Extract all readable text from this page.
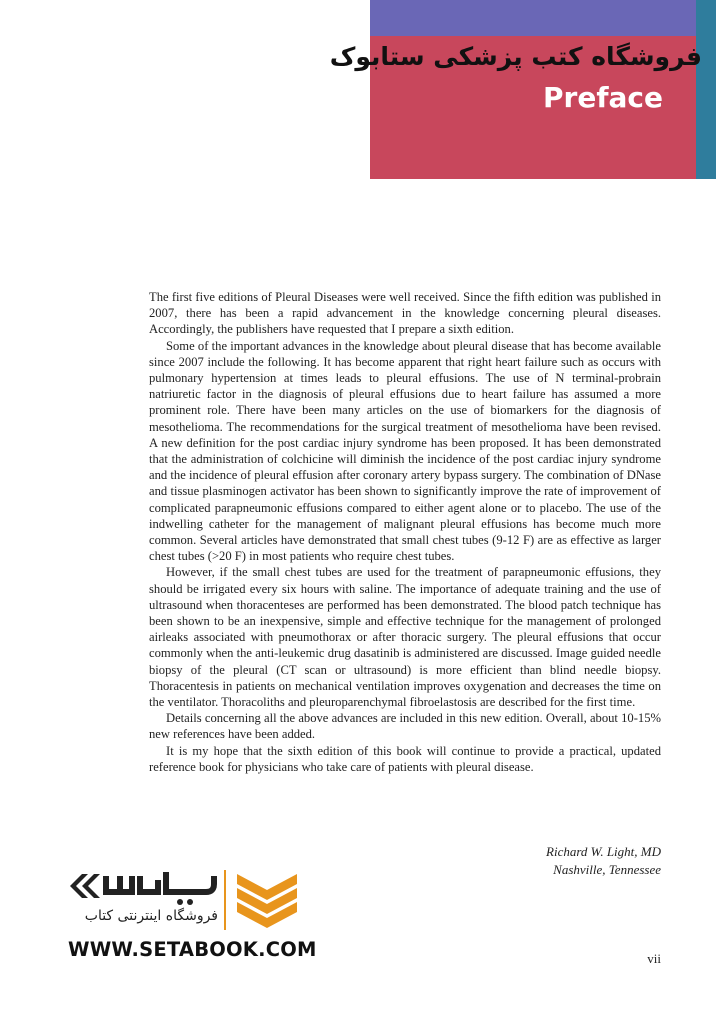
فروشگاه کتب پزشکی ستابوک
Preface

The first five editions of Pleural Diseases were well received. Since the fifth edition was published in 2007, there has been a rapid advancement in the knowledge concerning pleural diseases. Accordingly, the publishers have requested that I prepare a sixth edition.

Some of the important advances in the knowledge about pleural disease that has become available since 2007 include the following. It has become apparent that right heart failure such as occurs with pulmonary hypertension at times leads to pleural effusions. The use of N terminal-probrain natriuretic factor in the diagnosis of pleural effusions due to heart failure has assumed a more prominent role. There have been many articles on the use of biomarkers for the diagnosis of mesothelioma. The recommendations for the surgical treatment of mesothelioma have been revised. A new definition for the post cardiac injury syndrome has been proposed. It has been demonstrated that the administration of colchicine will diminish the incidence of the post cardiac injury syndrome and the incidence of pleural effusion after coronary artery bypass surgery. The combination of DNase and tissue plasminogen activator has been shown to significantly improve the rate of improvement of complicated parapneumonic effusions compared to either agent alone or to placebo. The use of the indwelling catheter for the management of malignant pleural effusions has become much more common. Several articles have demonstrated that small chest tubes (9-12 F) are as effective as larger chest tubes (>20 F) in most patients who require chest tubes.

However, if the small chest tubes are used for the treatment of parapneumonic effusions, they should be irrigated every six hours with saline. The importance of adequate training and the use of ultrasound when thoracenteses are performed has been demonstrated. The blood patch technique has been shown to be an inexpensive, simple and effective technique for the management of prolonged airleaks associated with pneumothorax or after thoracic surgery. The pleural effusions that occur commonly when the anti-leukemic drug dasatinib is administered are discussed. Image guided needle biopsy of the pleural (CT scan or ultrasound) is more efficient than blind needle biopsy. Thoracentesis in patients on mechanical ventilation improves oxygenation and decreases the time on the ventilator. Thoracoliths and pleuroparenchymal fibroelastosis are described for the first time.

Details concerning all the above advances are included in this new edition. Overall, about 10-15% new references have been added.

It is my hope that the sixth edition of this book will continue to provide a practical, updated reference book for physicians who take care of patients with pleural disease.

Richard W. Light, MD
Nashville, Tennessee
فروشگاه اینترنتی کتاب
WWW.SETABOOK.COM	vii
